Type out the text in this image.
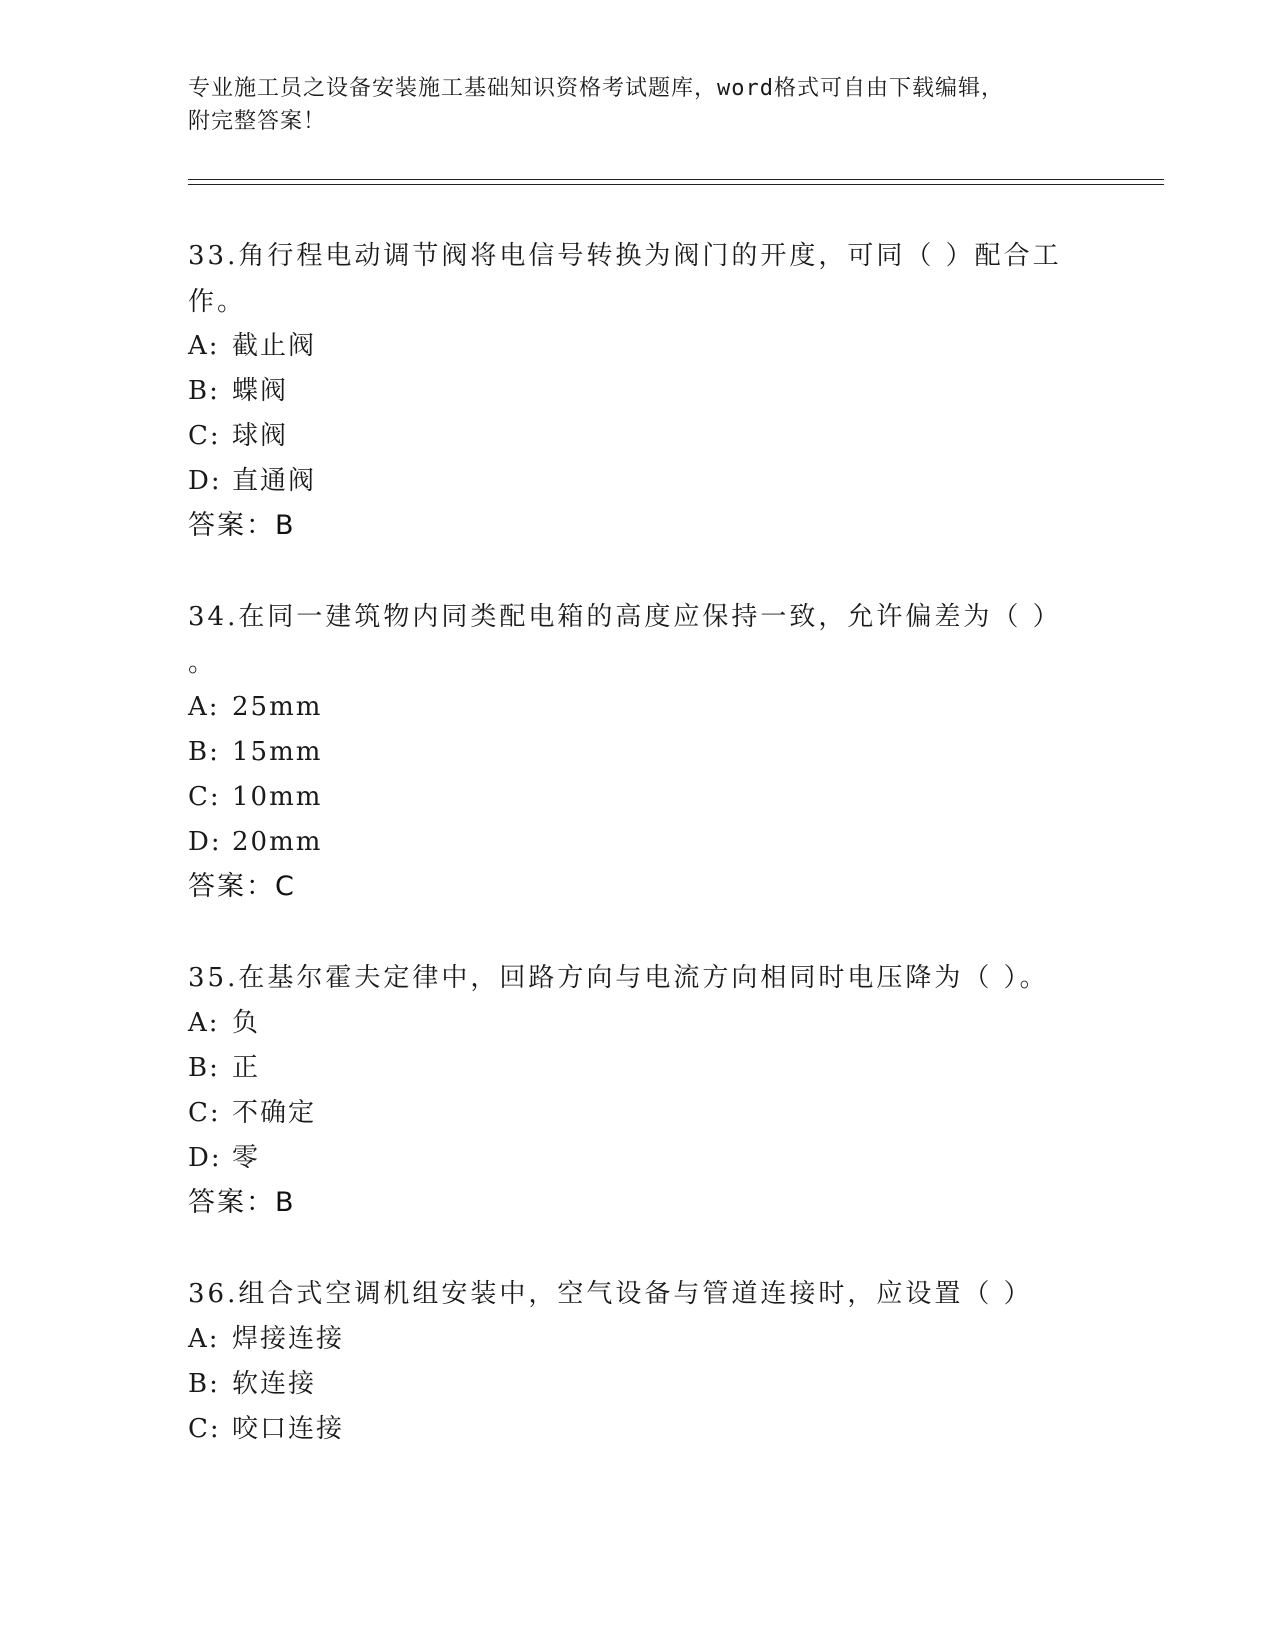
专业施工员之设备安装施工基础知识资格考试题库，word格式可自由下载编辑，
附完整答案！
33.角行程电动调节阀将电信号转换为阀门的开度，可同（ ）配合工
作。
A: 截止阀
B: 蝶阀
C: 球阀
D: 直通阀
答案：B
34.在同一建筑物内同类配电箱的高度应保持一致，允许偏差为（ ）
。
A: 25mm
B: 15mm
C: 10mm
D: 20mm
答案：C
35.在基尔霍夫定律中，回路方向与电流方向相同时电压降为（ ）。
A: 负
B: 正
C: 不确定
D: 零
答案：B
36.组合式空调机组安装中，空气设备与管道连接时，应设置（ ）
A: 焊接连接
B: 软连接
C: 咬口连接
